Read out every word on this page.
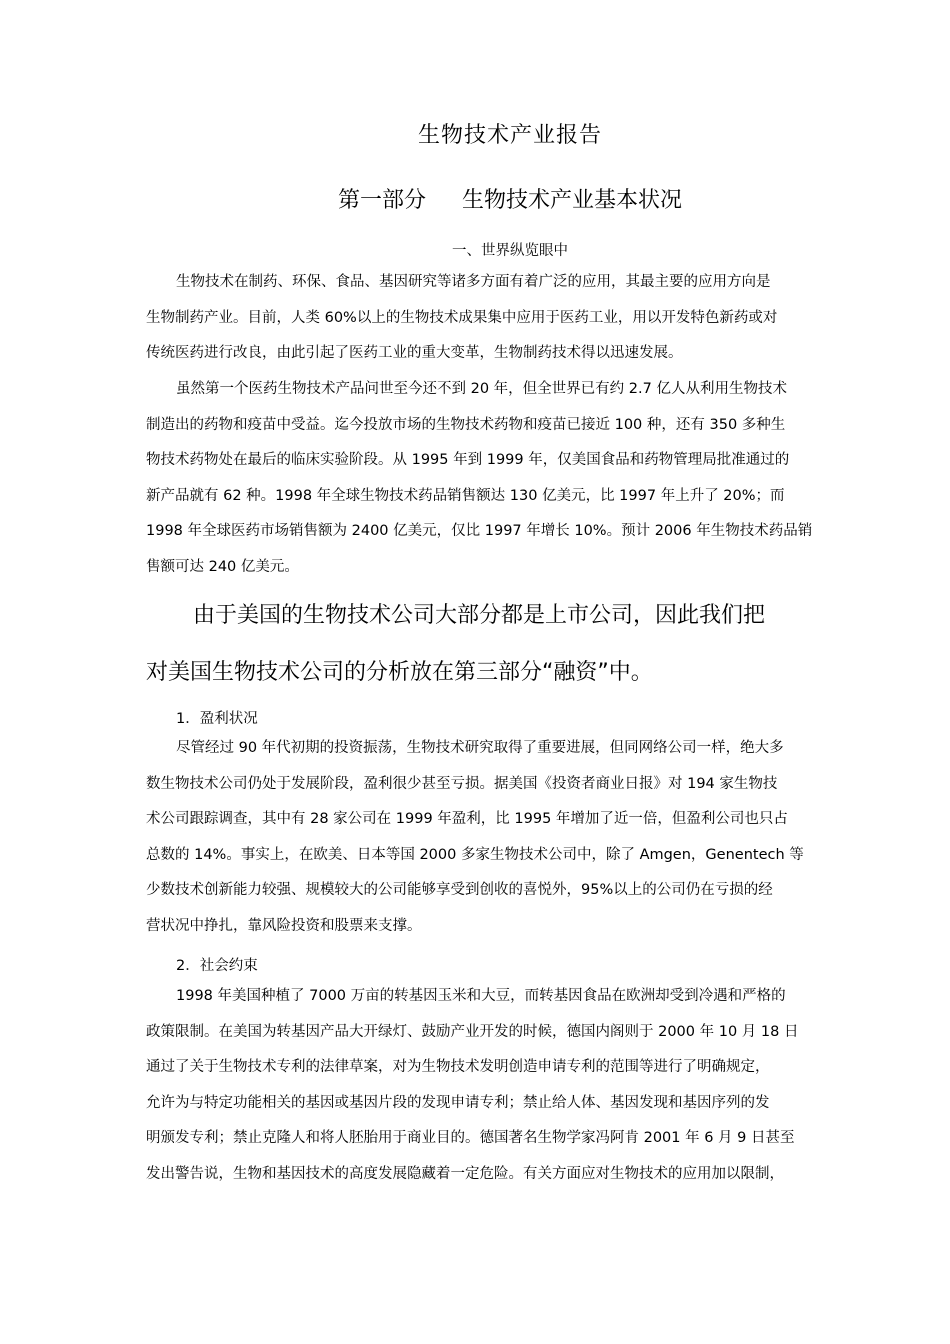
生物技术产业报告
第一部分 生物技术产业基本状况
一、世界纵览眼中
生物技术在制药、环保、食品、基因研究等诸多方面有着广泛的应用，其最主要的应用方向是
生物制药产业。目前，人类 60%以上的生物技术成果集中应用于医药工业，用以开发特色新药或对
传统医药进行改良，由此引起了医药工业的重大变革，生物制药技术得以迅速发展。
虽然第一个医药生物技术产品问世至今还不到 20 年，但全世界已有约 2.7 亿人从利用生物技术
制造出的药物和疫苗中受益。迄今投放市场的生物技术药物和疫苗已接近 100 种，还有 350 多种生
物技术药物处在最后的临床实验阶段。从 1995 年到 1999 年，仅美国食品和药物管理局批准通过的
新产品就有 62 种。1998 年全球生物技术药品销售额达 130 亿美元，比 1997 年上升了 20%；而
1998 年全球医药市场销售额为 2400 亿美元，仅比 1997 年增长 10%。预计 2006 年生物技术药品销
售额可达 240 亿美元。
由于美国的生物技术公司大部分都是上市公司，因此我们把
对美国生物技术公司的分析放在第三部分“融资”中。
1．盈利状况
尽管经过 90 年代初期的投资振荡，生物技术研究取得了重要进展，但同网络公司一样，绝大多
数生物技术公司仍处于发展阶段，盈利很少甚至亏损。据美国《投资者商业日报》对 194 家生物技
术公司跟踪调查，其中有 28 家公司在 1999 年盈利，比 1995 年增加了近一倍，但盈利公司也只占
总数的 14%。事实上，在欧美、日本等国 2000 多家生物技术公司中，除了 Amgen，Genentech 等
少数技术创新能力较强、规模较大的公司能够享受到创收的喜悦外，95%以上的公司仍在亏损的经
营状况中挣扎，靠风险投资和股票来支撑。
2．社会约束
1998 年美国种植了 7000 万亩的转基因玉米和大豆，而转基因食品在欧洲却受到冷遇和严格的
政策限制。在美国为转基因产品大开绿灯、鼓励产业开发的时候，德国内阁则于 2000 年 10 月 18 日
通过了关于生物技术专利的法律草案，对为生物技术发明创造申请专利的范围等进行了明确规定，
允许为与特定功能相关的基因或基因片段的发现申请专利；禁止给人体、基因发现和基因序列的发
明颁发专利；禁止克隆人和将人胚胎用于商业目的。德国著名生物学家冯阿肯 2001 年 6 月 9 日甚至
发出警告说，生物和基因技术的高度发展隐藏着一定危险。有关方面应对生物技术的应用加以限制，
